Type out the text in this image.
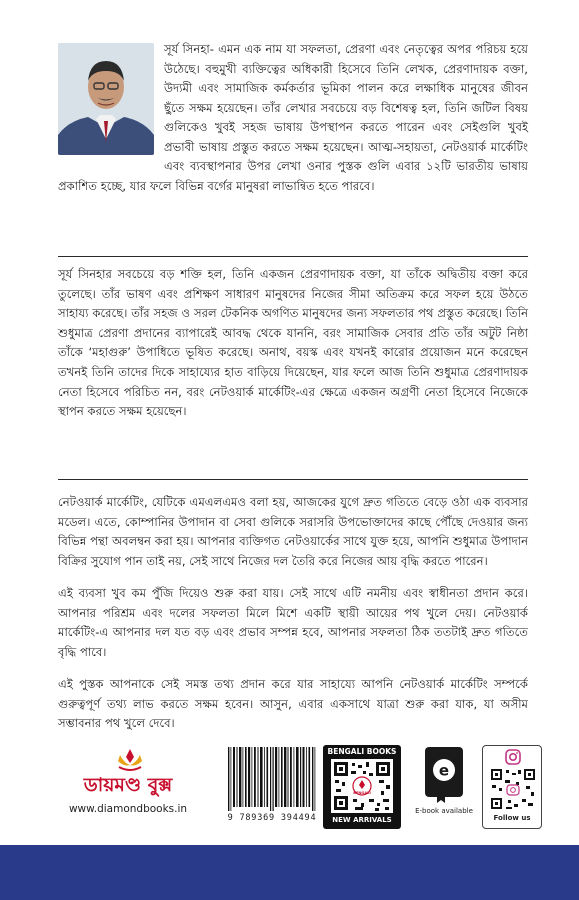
সূর্য সিনহা- এমন এক নাম যা সফলতা, প্রেরণা এবং নেতৃত্বের অপর পরিচয় হয়ে উঠেছে। বহুমুখী ব্যক্তিত্বের অধিকারী হিসেবে তিনি লেখক, প্রেরণাদায়ক বক্তা, উদ্যমী এবং সামাজিক কর্মকর্তার ভূমিকা পালন করে লক্ষাধিক মানুষের জীবন ছুঁতে সক্ষম হয়েছেন। তাঁর লেখার সবচেয়ে বড় বিশেষত্ব হল, তিনি জটিল বিষয় গুলিকেও খুবই সহজ ভাষায় উপস্থাপন করতে পারেন এবং সেইগুলি খুবই প্রভাবী ভাষায় প্রস্তুত করতে সক্ষম হয়েছেন। আত্ম-সহায়তা, নেটওয়ার্ক মার্কেটিং এবং ব্যবস্থাপনার উপর লেখা ওনার পুস্তক গুলি এবার ১২টি ভারতীয় ভাষায় প্রকাশিত হচ্ছে, যার ফলে বিভিন্ন বর্গের মানুষরা লাভান্বিত হতে পারবে।
সূর্য সিনহার সবচেয়ে বড় শক্তি হল, তিনি একজন প্রেরণাদায়ক বক্তা, যা তাঁকে অদ্বিতীয় বক্তা করে তুলেছে। তাঁর ভাষণ এবং প্রশিক্ষণ সাধারণ মানুষদের নিজের সীমা অতিক্রম করে সফল হয়ে উঠতে সাহায্য করেছে। তাঁর সহজ ও সরল টেকনিক অগণিত মানুষদের জন্য সফলতার পথ প্রস্তুত করেছে। তিনি শুধুমাত্র প্রেরণা প্রদানের ব্যাপারেই আবদ্ধ থেকে যাননি, বরং সামাজিক সেবার প্রতি তাঁর অটুট নিষ্ঠা তাঁকে ‘মহাগুরু’ উপাধিতে ভূষিত করেছে। অনাথ, বয়স্ক এবং যখনই কারোর প্রয়োজন মনে করেছেন তখনই তিনি তাদের দিকে সাহায্যের হাত বাড়িয়ে দিয়েছেন, যার ফলে আজ তিনি শুধুমাত্র প্রেরণাদায়ক নেতা হিসেবে পরিচিত নন, বরং নেটওয়ার্ক মার্কেটিং-এর ক্ষেত্রে একজন অগ্রণী নেতা হিসেবে নিজেকে স্থাপন করতে সক্ষম হয়েছেন।
নেটওয়ার্ক মার্কেটিং, যেটিকে এমএলএমও বলা হয়, আজকের যুগে দ্রুত গতিতে বেড়ে ওঠা এক ব্যবসার মডেল। এতে, কোম্পানির উপাদান বা সেবা গুলিকে সরাসরি উপভোক্তাদের কাছে পৌঁছে দেওয়ার জন্য বিভিন্ন পন্থা অবলম্বন করা হয়। আপনার ব্যক্তিগত নেটওয়ার্কের সাথে যুক্ত হয়ে, আপনি শুধুমাত্র উপাদান বিক্রির সুযোগ পান তাই নয়, সেই সাথে নিজের দল তৈরি করে নিজের আয় বৃদ্ধি করতে পারেন।
এই ব্যবসা খুব কম পুঁজি দিয়েও শুরু করা যায়। সেই সাথে এটি নমনীয় এবং স্বাধীনতা প্রদান করে। আপনার পরিশ্রম এবং দলের সফলতা মিলে মিশে একটি স্থায়ী আয়ের পথ খুলে দেয়। নেটওয়ার্ক মার্কেটিং-এ আপনার দল যত বড় এবং প্রভাব সম্পন্ন হবে, আপনার সফলতা ঠিক ততটাই দ্রুত গতিতে বৃদ্ধি পাবে।
এই পুস্তক আপনাকে সেই সমস্ত তথ্য প্রদান করে যার সাহায্যে আপনি নেটওয়ার্ক মার্কেটিং সম্পর্কে গুরুত্বপূর্ণ তথ্য লাভ করতে সক্ষম হবেন। আসুন, এবার একসাথে যাত্রা শুরু করা যাক, যা অসীম সম্ভাবনার পথ খুলে দেবে।
ডায়মণ্ড বুক্স
www.diamondbooks.in
9 789369 394494
BENGALI BOOKS
BENGALI
NEW ARRIVALS
e
E-book available
Follow us
